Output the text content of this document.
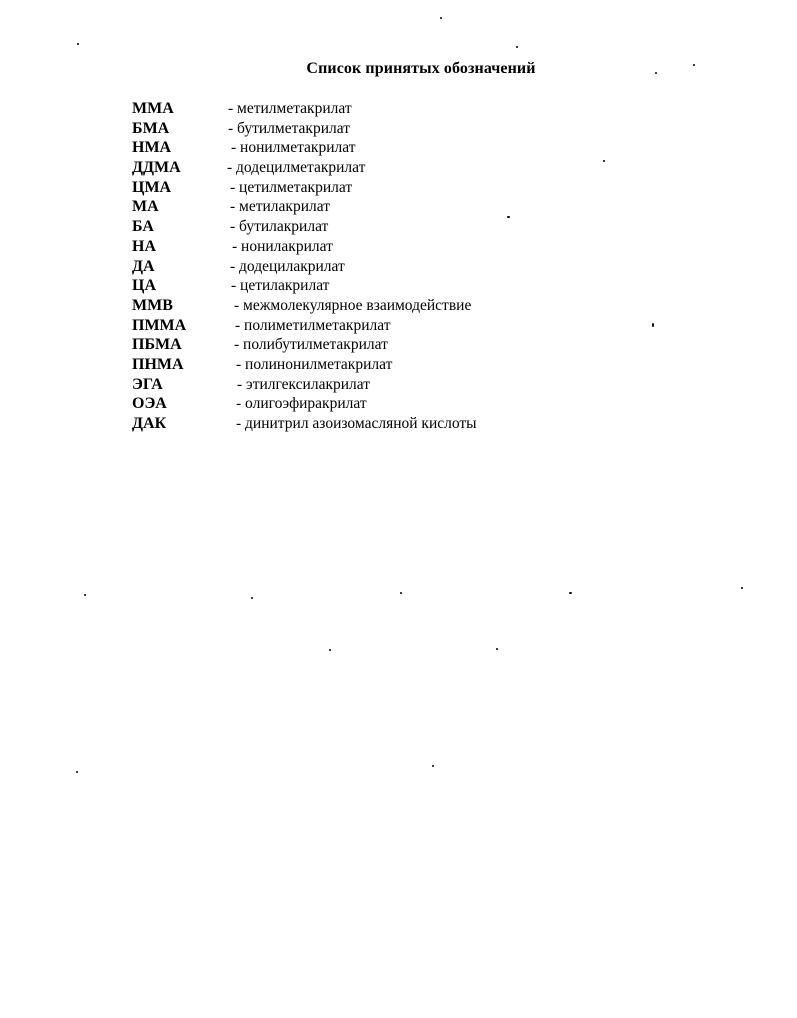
Список принятых обозначений
ММА	- метилметакрилат
БМА	- бутилметакрилат
НМА	- нонилметакрилат
ДДМА	- додецилметакрилат
ЦМА	- цетилметакрилат
МА	- метилакрилат
БА	- бутилакрилат
НА	- нонилакрилат
ДА	- додецилакрилат
ЦА	- цетилакрилат
ММВ	- межмолекулярное взаимодействие
ПММА	- полиметилметакрилат
ПБМА	- полибутилметакрилат
ПНМА	- полинонилметакрилат
ЭГА	- этилгексилакрилат
ОЭА	- олигоэфиракрилат
ДАК	- динитрил азоизомасляной кислоты
